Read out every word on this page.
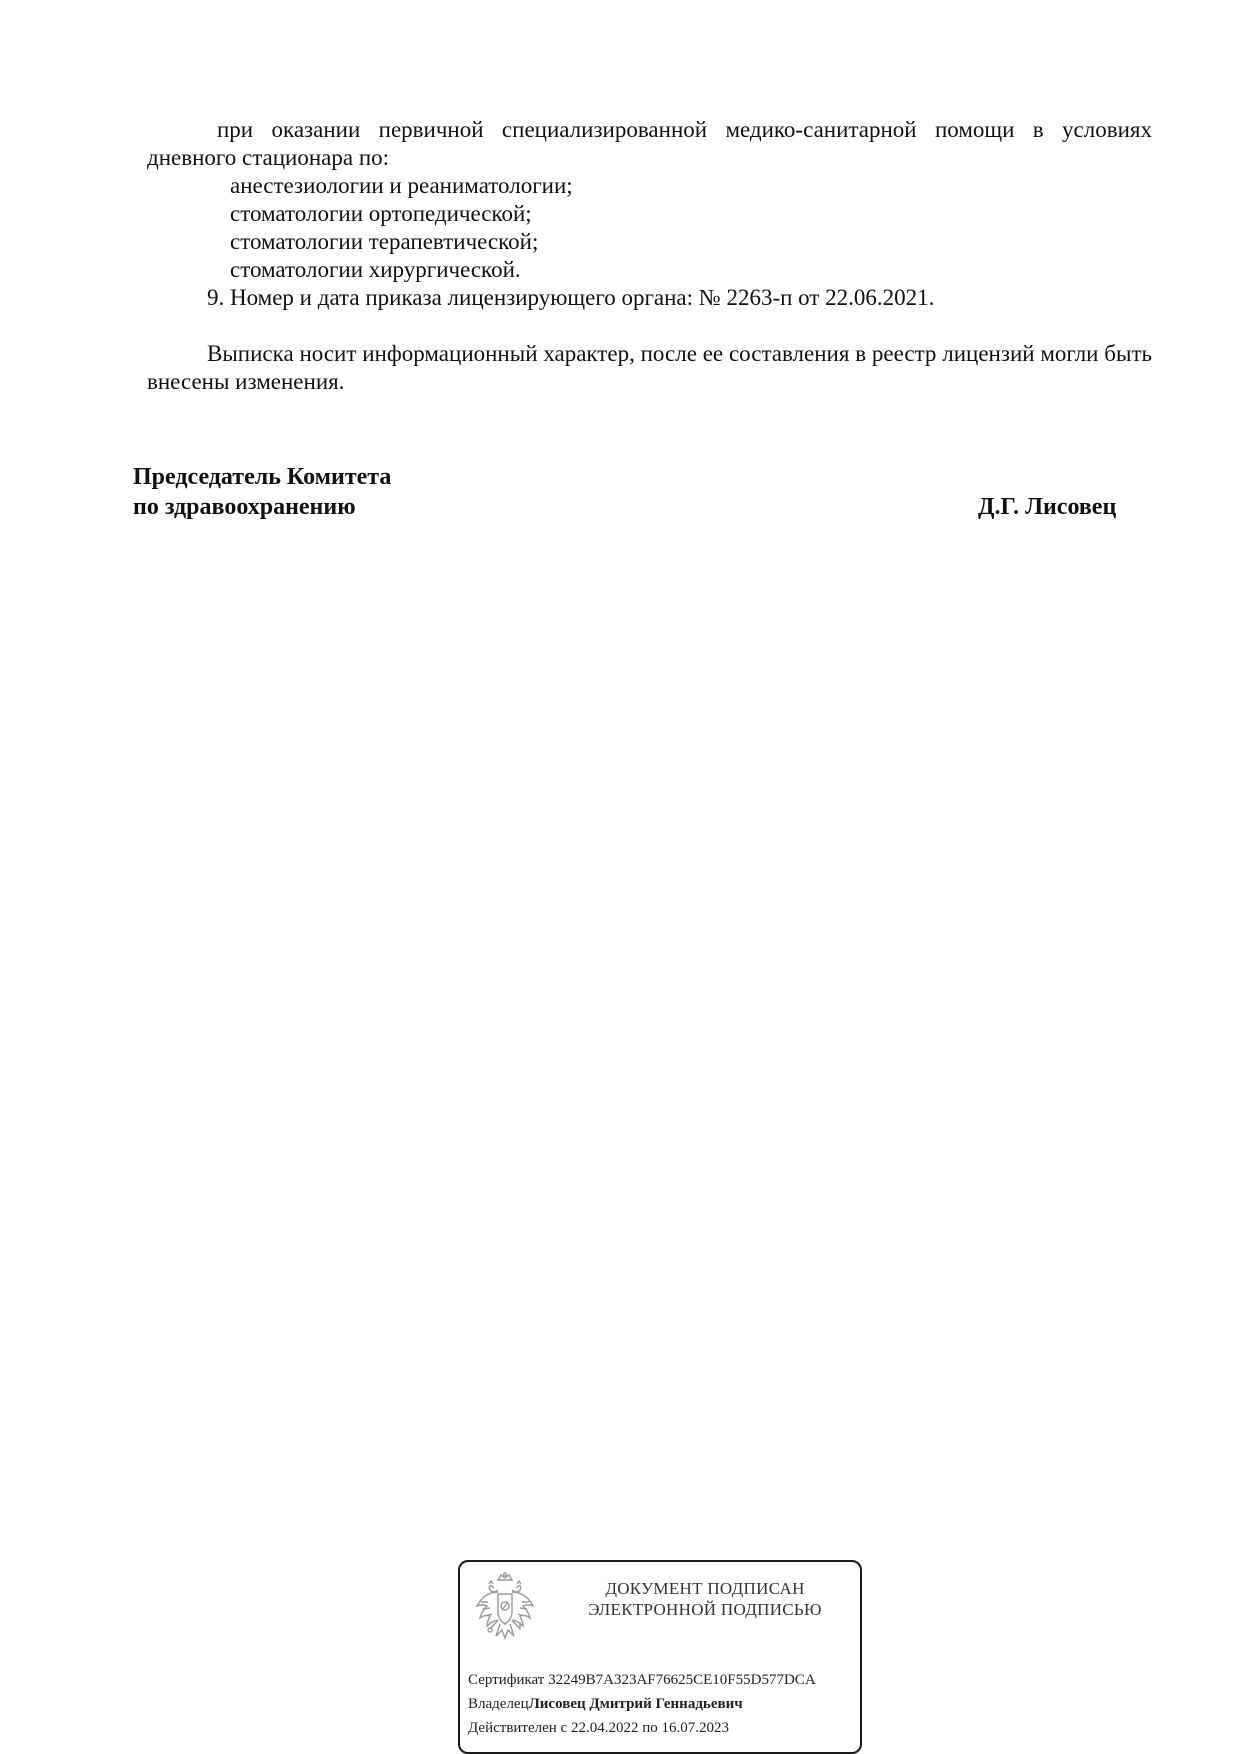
при оказании первичной специализированной медико-санитарной помощи в условиях дневного стационара по:

анестезиологии и реаниматологии;

стоматологии ортопедической;

стоматологии терапевтической;

стоматологии хирургической.

9. Номер и дата приказа лицензирующего органа: № 2263-п от 22.06.2021.

Выписка носит информационный характер, после ее составления в реестр лицензий могли быть внесены изменения.

Председатель Комитета
по здравоохранению	Д.Г. Лисовец
ДОКУМЕНТ ПОДПИСАН
ЭЛЕКТРОННОЙ ПОДПИСЬЮ
Сертификат 32249B7A323AF76625CE10F55D577DCA
ВладелецЛисовец Дмитрий Геннадьевич
Действителен с 22.04.2022 по 16.07.2023
